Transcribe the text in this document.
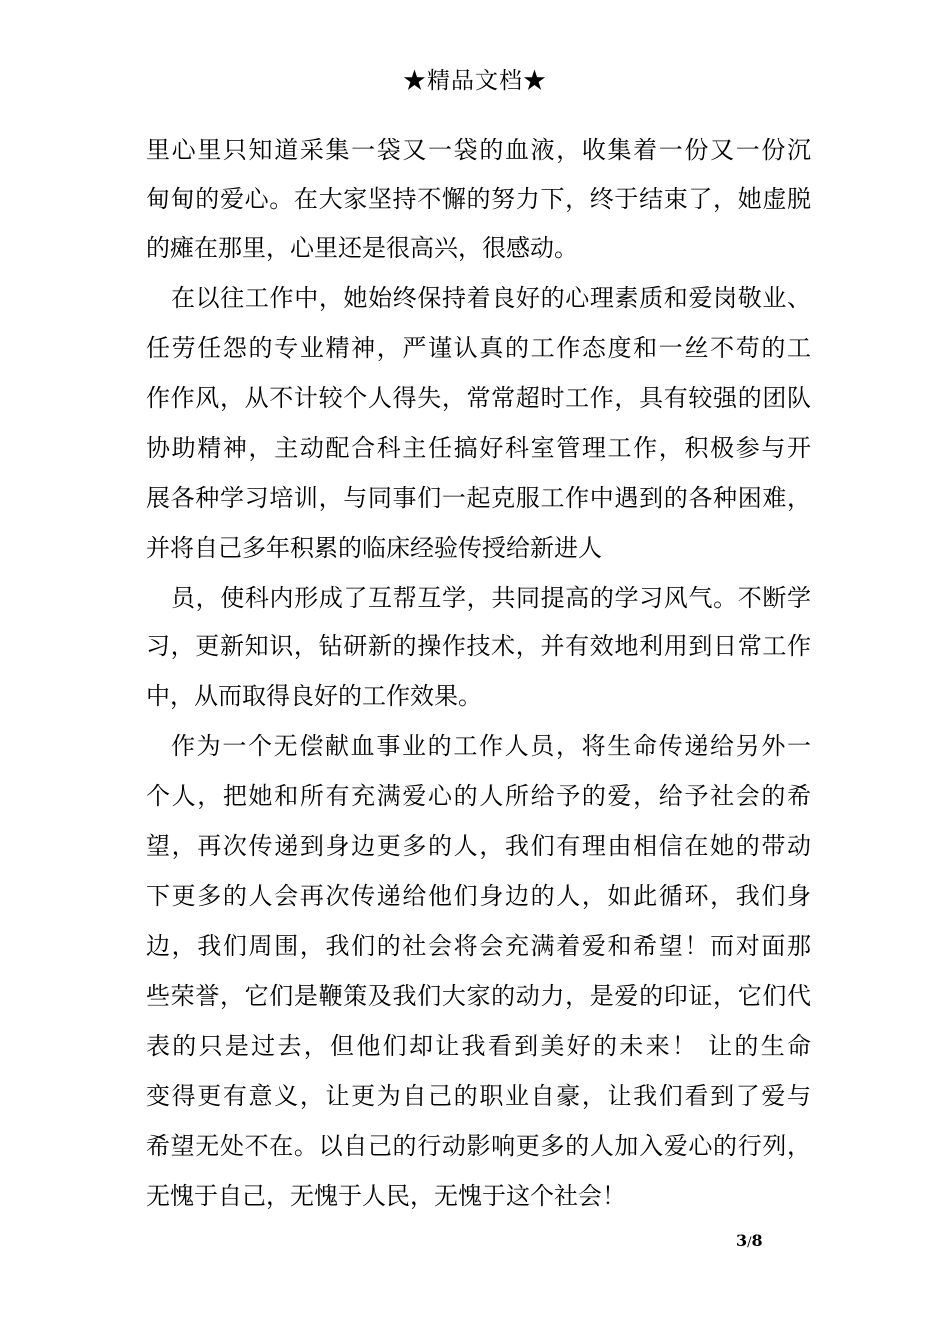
★精品文档★
里心里只知道采集一袋又一袋的血液，收集着一份又一份沉
甸甸的爱心。在大家坚持不懈的努力下，终于结束了，她虚脱
的瘫在那里，心里还是很高兴，很感动。
在以往工作中，她始终保持着良好的心理素质和爱岗敬业、
任劳任怨的专业精神，严谨认真的工作态度和一丝不苟的工
作作风，从不计较个人得失，常常超时工作，具有较强的团队
协助精神，主动配合科主任搞好科室管理工作，积极参与开
展各种学习培训，与同事们一起克服工作中遇到的各种困难，
并将自己多年积累的临床经验传授给新进人
员，使科内形成了互帮互学，共同提高的学习风气。不断学
习，更新知识，钻研新的操作技术，并有效地利用到日常工作
中，从而取得良好的工作效果。
作为一个无偿献血事业的工作人员，将生命传递给另外一
个人，把她和所有充满爱心的人所给予的爱，给予社会的希
望，再次传递到身边更多的人，我们有理由相信在她的带动
下更多的人会再次传递给他们身边的人，如此循环，我们身
边，我们周围，我们的社会将会充满着爱和希望！而对面那
些荣誉，它们是鞭策及我们大家的动力，是爱的印证，它们代
表的只是过去，但他们却让我看到美好的未来！ 让的生命
变得更有意义，让更为自己的职业自豪，让我们看到了爱与
希望无处不在。以自己的行动影响更多的人加入爱心的行列，
无愧于自己，无愧于人民，无愧于这个社会！
3/8
